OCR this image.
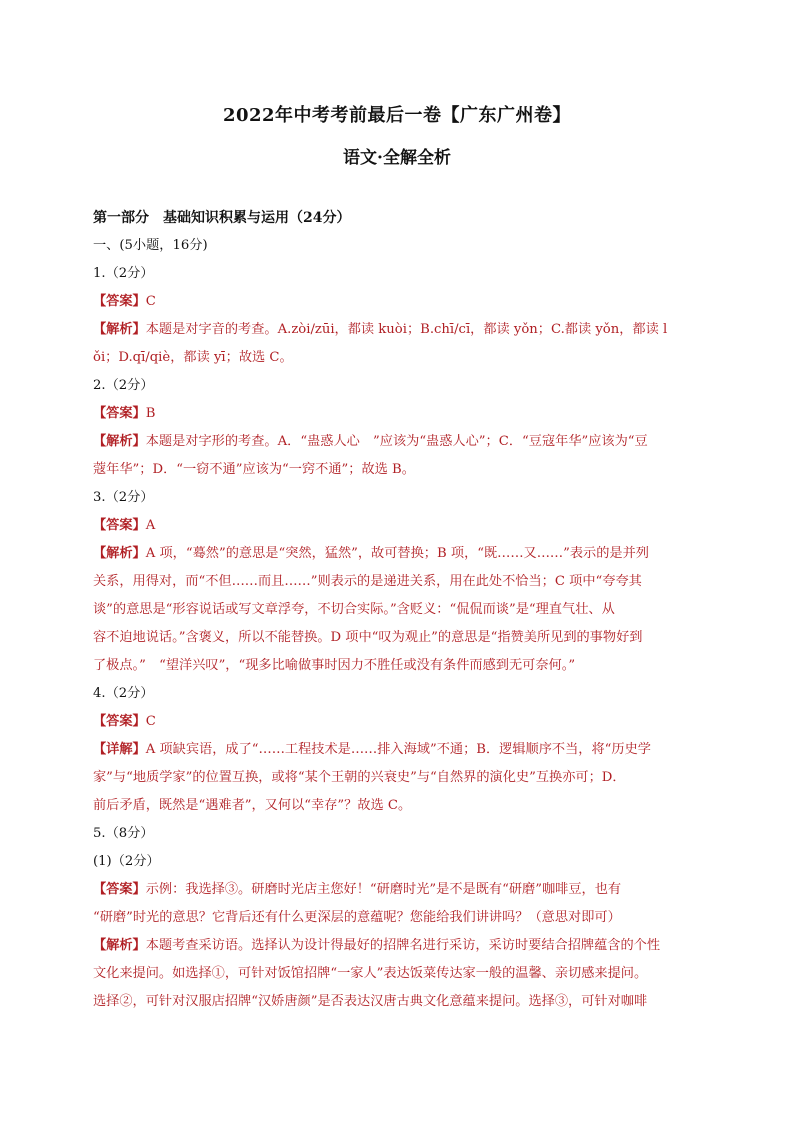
2022年中考考前最后一卷【广东广州卷】
语文·全解全析
第一部分　基础知识积累与运用（24分）
一、(5小题，16分)
1.（2分）
【答案】C
【解析】本题是对字音的考查。A.zòi/zūi，都读 kuòi；B.chī/cī，都读 yǒn；C.都读 yǒn，都读 l
ǒi；D.qī/qiè，都读 yī；故选 C。
2.（2分）
【答案】B
【解析】本题是对字形的考查。A．“蛊惑人心　”应该为“蛊惑人心”；C．“豆寇年华”应该为“豆
蔻年华”；D．“一窃不通”应该为“一窍不通”；故选 B。
3.（2分）
【答案】A
【解析】A 项，“蓦然”的意思是“突然，猛然”，故可替换；B 项，“既……又……”表示的是并列
关系，用得对，而“不但……而且……”则表示的是递进关系，用在此处不恰当；C 项中“夸夸其
谈”的意思是“形容说话或写文章浮夸，不切合实际。”含贬义：“侃侃而谈”是“理直气壮、从
容不迫地说话。”含褒义，所以不能替换。D 项中“叹为观止”的意思是“指赞美所见到的事物好到
了极点。”　“望洋兴叹”，“现多比喻做事时因力不胜任或没有条件而感到无可奈何。”
4.（2分）
【答案】C
【详解】A 项缺宾语，成了“……工程技术是……排入海域”不通；B．逻辑顺序不当，将“历史学
家”与“地质学家”的位置互换，或将“某个王朝的兴衰史”与“自然界的演化史”互换亦可；D．
前后矛盾，既然是“遇难者”，又何以“幸存”？故选 C。
5.（8分）
(1)（2分）
【答案】示例：我选择③。研磨时光店主您好！“研磨时光”是不是既有“研磨”咖啡豆，也有
“研磨”时光的意思？它背后还有什么更深层的意蕴呢？您能给我们讲讲吗？（意思对即可）
【解析】本题考查采访语。选择认为设计得最好的招牌名进行采访，采访时要结合招牌蕴含的个性
文化来提问。如选择①，可针对饭馆招牌“一家人”表达饭菜传达家一般的温馨、亲切感来提问。
选择②，可针对汉服店招牌“汉娇唐颜”是否表达汉唐古典文化意蕴来提问。选择③，可针对咖啡
